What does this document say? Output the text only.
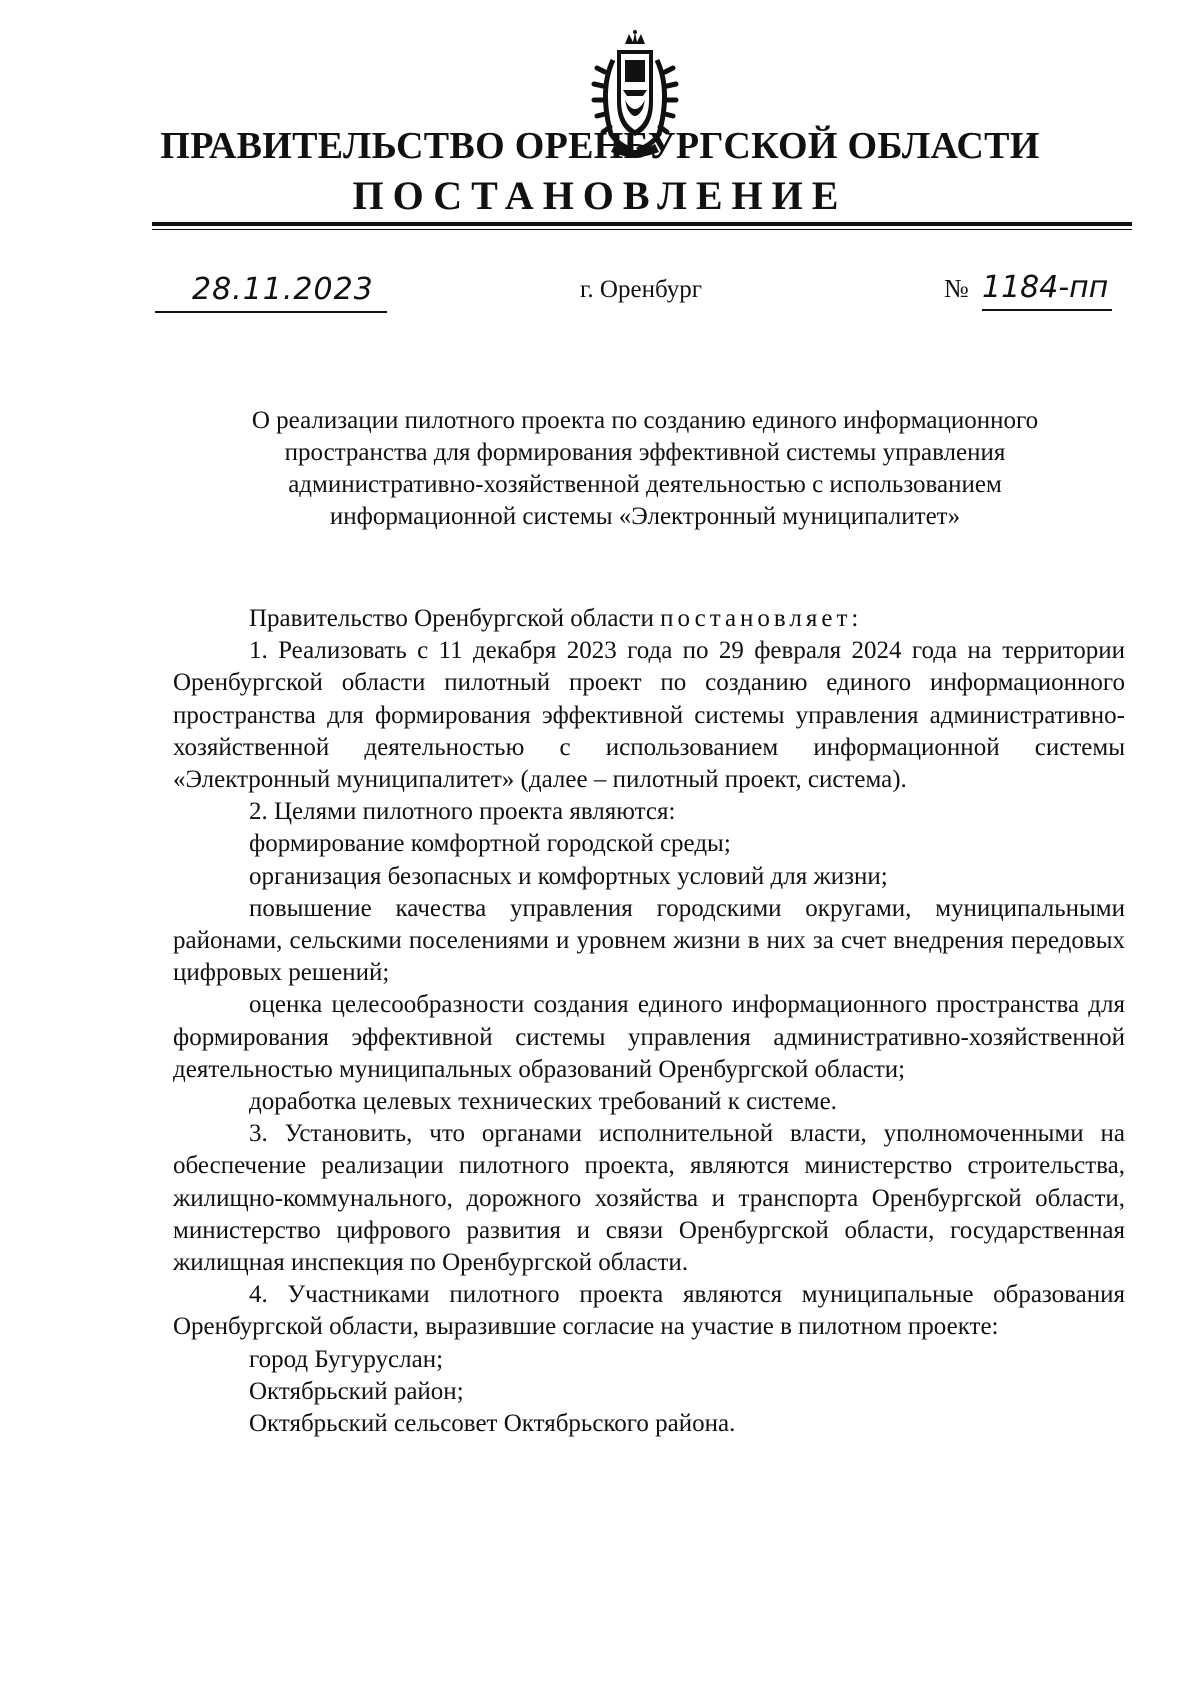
ПРАВИТЕЛЬСТВО ОРЕНБУРГСКОЙ ОБЛАСТИ
ПОСТАНОВЛЕНИЕ
28.11.2023	г. Оренбург	№ 1184-пп
О реализации пилотного проекта по созданию единого информационного
пространства для формирования эффективной системы управления
административно-хозяйственной деятельностью с использованием
информационной системы «Электронный муниципалитет»

Правительство Оренбургской области постановляет:

1. Реализовать с 11 декабря 2023 года по 29 февраля 2024 года на территории Оренбургской области пилотный проект по созданию единого информационного пространства для формирования эффективной системы управления административно-хозяйственной деятельностью с использованием информационной системы «Электронный муниципалитет» (далее – пилотный проект, система).

2. Целями пилотного проекта являются:

формирование комфортной городской среды;

организация безопасных и комфортных условий для жизни;

повышение качества управления городскими округами, муниципальными районами, сельскими поселениями и уровнем жизни в них за счет внедрения передовых цифровых решений;

оценка целесообразности создания единого информационного пространства для формирования эффективной системы управления административно-хозяйственной деятельностью муниципальных образований Оренбургской области;

доработка целевых технических требований к системе.

3. Установить, что органами исполнительной власти, уполномоченными на обеспечение реализации пилотного проекта, являются министерство строительства, жилищно-коммунального, дорожного хозяйства и транспорта Оренбургской области, министерство цифрового развития и связи Оренбургской области, государственная жилищная инспекция по Оренбургской области.

4. Участниками пилотного проекта являются муниципальные образования Оренбургской области, выразившие согласие на участие в пилотном проекте:

город Бугуруслан;

Октябрьский район;

Октябрьский сельсовет Октябрьского района.
